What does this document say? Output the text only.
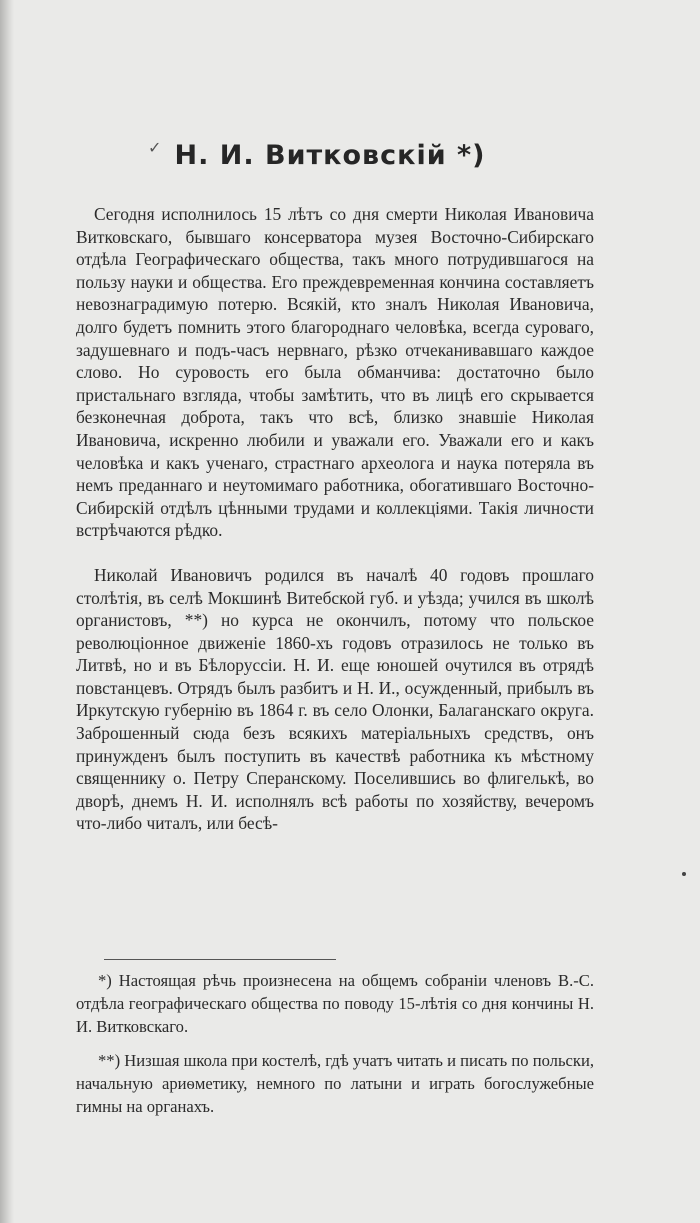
✓ Н. И. Витковскій *)

Сегодня исполнилось 15 лѣтъ со дня смерти Николая Ивановича Витковскаго, бывшаго консерватора музея Восточно-Сибирскаго отдѣла Географическаго общества, такъ много потрудившагося на пользу науки и общества. Его преждевременная кончина составляетъ невознаградимую потерю. Всякій, кто зналъ Николая Ивановича, долго будетъ помнить этого благороднаго человѣка, всегда суроваго, задушевнаго и подъ-часъ нервнаго, рѣзко отчеканивавшаго каждое слово. Но суровость его была обманчива: достаточно было пристальнаго взгляда, чтобы замѣтить, что въ лицѣ его скрывается безконечная доброта, такъ что всѣ, близко знавшіе Николая Ивановича, искренно любили и уважали его. Уважали его и какъ человѣка и какъ ученаго, страстнаго археолога и наука потеряла въ немъ преданнаго и неутомимаго работника, обогатившаго Восточно-Сибирскій отдѣлъ цѣнными трудами и коллекціями. Такія личности встрѣчаются рѣдко.

Николай Ивановичъ родился въ началѣ 40 годовъ прошлаго столѣтія, въ селѣ Мокшинѣ Витебской губ. и уѣзда; учился въ школѣ органистовъ, **) но курса не окончилъ, потому что польское революціонное движеніе 1860-хъ годовъ отразилось не только въ Литвѣ, но и въ Бѣлоруссіи. Н. И. еще юношей очутился въ отрядѣ повстанцевъ. Отрядъ былъ разбитъ и Н. И., осужденный, прибылъ въ Иркутскую губернію въ 1864 г. въ село Олонки, Балаганскаго округа. Заброшенный сюда безъ всякихъ матеріальныхъ средствъ, онъ принужденъ былъ поступить въ качествѣ работника къ мѣстному священнику о. Петру Сперанскому. Поселившись во флигелькѣ, во дворѣ, днемъ Н. И. исполнялъ всѣ работы по хозяйству, вечеромъ что-либо читалъ, или бесѣ-

*) Настоящая рѣчь произнесена на общемъ собраніи членовъ В.-С. отдѣла географическаго общества по поводу 15-лѣтія со дня кончины Н. И. Витковскаго.

**) Низшая школа при костелѣ, гдѣ учатъ читать и писать по польски, начальную ариѳметику, немного по латыни и играть богослужебные гимны на органахъ.
